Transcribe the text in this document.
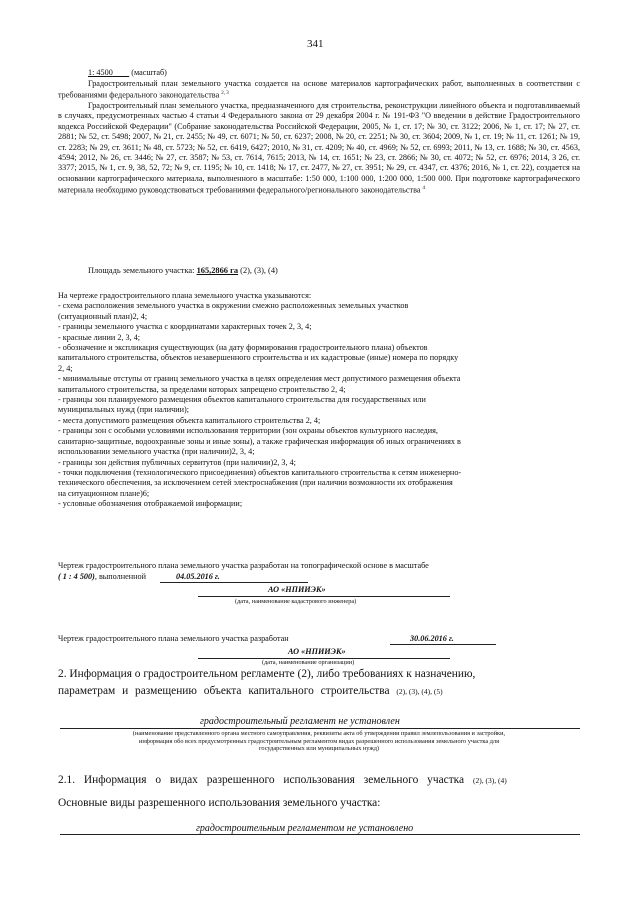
341
1: 4500 (масштаб)
Градостроительный план земельного участка создается на основе материалов картографических работ, выполненных в соответствии с требованиями федерального законодательства $^{2, 3}$
Градостроительный план земельного участка, предназначенного для строительства, реконструкции линейного объекта и подготавливаемый в случаях, предусмотренных частью 4 статьи 4 Федерального закона от 29 декабря 2004 г. № 191-ФЗ "О введении в действие Градостроительного кодекса Российской Федерации" (Собрание законодательства Российской Федерации, 2005, № 1, ст. 17; № 30, ст. 3122; 2006, № 1, ст. 17; № 27, ст. 2881; № 52, ст. 5498; 2007, № 21, ст. 2455; № 49, ст. 6071; № 50, ст. 6237; 2008, № 20, ст. 2251; № 30, ст. 3604; 2009, № 1, ст. 19; № 11, ст. 1261; № 19, ст. 2283; № 29, ст. 3611; № 48, ст. 5723; № 52, ст. 6419, 6427; 2010, № 31, ст. 4209; № 40, ст. 4969; № 52, ст. 6993; 2011, № 13, ст. 1688; № 30, ст. 4563, 4594; 2012, № 26, ст. 3446; № 27, ст. 3587; № 53, ст. 7614, 7615; 2013, № 14, ст. 1651; № 23, ст. 2866; № 30, ст. 4072; № 52, ст. 6976; 2014, 3 26, ст. 3377; 2015, № 1, ст. 9, 38, 52, 72; № 9, ст. 1195; № 10, ст. 1418; № 17, ст. 2477, № 27, ст. 3951; № 29, ст. 4347, ст. 4376; 2016, № 1, ст. 22), создается на основании картографического материала, выполненного в масштабе: 1:50 000, 1:100 000, 1:200 000, 1:500 000. При подготовке картографического материала необходимо руководствоваться требованиями федерального/регионального законодательства $^4$
Площадь земельного участка: 165,2866 га (2), (3), (4)
На чертеже градостроительного плана земельного участка указываются:
- схема расположения земельного участка в окружении смежно расположенных земельных участков
(ситуационный план)2, 4;
- границы земельного участка с координатами характерных точек 2, 3, 4;
- красные линии 2, 3, 4;
- обозначение и экспликация существующих (на дату формирования градостроительного плана) объектов
капитального строительства, объектов незавершенного строительства и их кадастровые (иные) номера по порядку
2, 4;
- минимальные отступы от границ земельного участка в целях определения мест допустимого размещения объекта
капитального строительства, за пределами которых запрещено строительство 2, 4;
- границы зон планируемого размещения объектов капитального строительства для государственных или
муниципальных нужд (при наличии);
- места допустимого размещения объекта капитального строительства 2, 4;
- границы зон с особыми условиями использования территории (зон охраны объектов культурного наследия,
санитарно-защитные, водоохранные зоны и иные зоны), а также графическая информация об иных ограничениях в
использовании земельного участка (при наличии)2, 3, 4;
- границы зон действия публичных сервитутов (при наличии)2, 3, 4;
- точки подключения (технологического присоединения) объектов капитального строительства к сетям инженерно-
технического обеспечения, за исключением сетей электроснабжения (при наличии возможности их отображения
на ситуационном плане)6;
- условные обозначения отображаемой информации;
Чертеж градостроительного плана земельного участка разработан на топографической основе в масштабе
( 1 : 4 500), выполненной	04.05.2016 г.
АО «НПИИЭК»
(дата, наименование кадастрового инженера)
Чертеж градостроительного плана земельного участка разработан	30.06.2016 г.
АО «НПИИЭК»
(дата, наименование организации)
2. Информация о градостроительном регламенте (2), либо требованиях к назначению,
параметрам и размещению объекта капитального строительства (2), (3), (4), (5)
градостроительный регламент не установлен
(наименование представленного органа местного самоуправления, реквизиты акта об утверждении правил землепользования и застройки,
информация обо всех предусмотренных градостроительным регламентом видах разрешенного использования земельного участка для
государственных или муниципальных нужд)
2.1. Информация о видах разрешенного использования земельного участка (2), (3), (4)
Основные виды разрешенного использования земельного участка:
градостроительным регламентом не установлено
